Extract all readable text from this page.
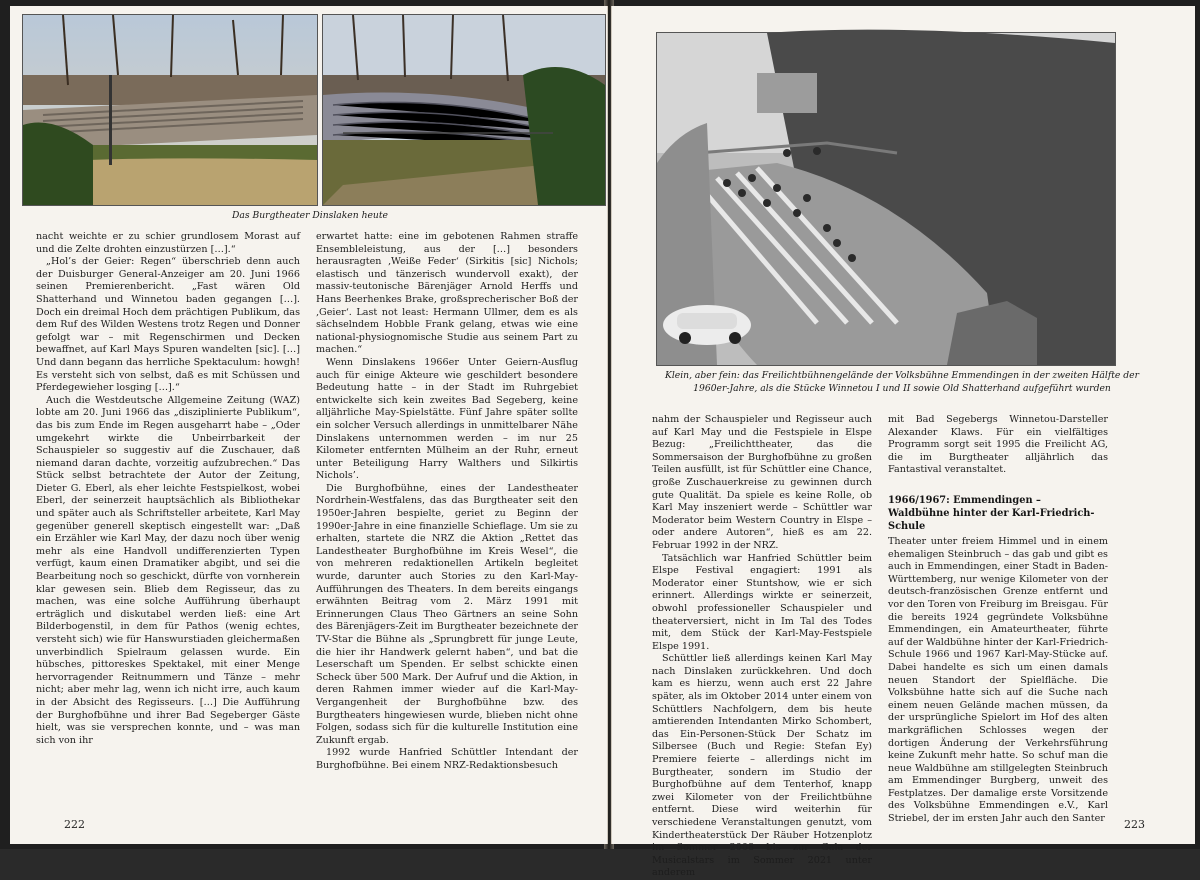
Das Burgtheater Dinslaken heute

nacht weichte er zu schier grundlosem Morast auf und die Zelte drohten einzustürzen […].“

„Hol’s der Geier: Regen“ überschrieb denn auch der Duisburger General-Anzeiger am 20. Juni 1966 seinen Premierenbericht. „Fast wären Old Shatterhand und Winnetou baden gegangen […]. Doch ein dreimal Hoch dem prächtigen Publikum, das dem Ruf des Wilden Westens trotz Regen und Donner gefolgt war – mit Regenschirmen und Decken bewaffnet, auf Karl Mays Spuren wandelten [sic]. […] Und dann begann das herrliche Spektaculum: howgh! Es versteht sich von selbst, daß es mit Schüssen und Pferdegewieher losging […].“

Auch die Westdeutsche Allgemeine Zeitung (WAZ) lobte am 20. Juni 1966 das „disziplinierte Publikum“, das bis zum Ende im Regen ausgeharrt habe – „Oder umgekehrt wirkte die Unbeirrbarkeit der Schauspieler so suggestiv auf die Zuschauer, daß niemand daran dachte, vorzeitig aufzubrechen.“ Das Stück selbst betrachtete der Autor der Zeitung, Dieter G. Eberl, als eher leichte Festspielkost, wobei Eberl, der seinerzeit hauptsächlich als Bibliothekar und später auch als Schriftsteller arbeitete, Karl May gegenüber generell skeptisch eingestellt war: „Daß ein Erzähler wie Karl May, der dazu noch über wenig mehr als eine Handvoll undifferenzierten Typen verfügt, kaum einen Dramatiker abgibt, und sei die Bearbeitung noch so geschickt, dürfte von vornherein klar gewesen sein. Blieb dem Regisseur, das zu machen, was eine solche Aufführung überhaupt erträglich und diskutabel werden ließ: eine Art Bilderbogenstil, in dem für Pathos (wenig echtes, versteht sich) wie für Hanswurstiaden gleichermaßen unverbindlich Spielraum gelassen wurde. Ein hübsches, pittoreskes Spektakel, mit einer Menge hervorragender Reitnummern und Tänze – mehr nicht; aber mehr lag, wenn ich nicht irre, auch kaum in der Absicht des Regisseurs. […] Die Aufführung der Burghofbühne und ihrer Bad Segeberger Gäste hielt, was sie versprechen konnte, und – was man sich von ihr

erwartet hatte: eine im gebotenen Rahmen straffe Ensembleleistung, aus der […] besonders herausragten ‚Weiße Feder‘ (Sirkitis [sic] Nichols; elastisch und tänzerisch wundervoll exakt), der massiv-teutonische Bärenjäger Arnold Herffs und Hans Beerhenkes Brake, großsprecherischer Boß der ‚Geier‘. Last not least: Hermann Ullmer, dem es als sächselndem Hobble Frank gelang, etwas wie eine national-physiognomische Studie aus seinem Part zu machen.“

Wenn Dinslakens 1966er Unter Geiern-Ausflug auch für einige Akteure wie geschildert besondere Bedeutung hatte – in der Stadt im Ruhrgebiet entwickelte sich kein zweites Bad Segeberg, keine alljährliche May-Spielstätte. Fünf Jahre später sollte ein solcher Versuch allerdings in unmittelbarer Nähe Dinslakens unternommen werden – im nur 25 Kilometer entfernten Mülheim an der Ruhr, erneut unter Beteiligung Harry Walthers und Silkirtis Nichols’.

Die Burghofbühne, eines der Landestheater Nordrhein-Westfalens, das das Burgtheater seit den 1950er-Jahren bespielte, geriet zu Beginn der 1990er-Jahre in eine finanzielle Schieflage. Um sie zu erhalten, startete die NRZ die Aktion „Rettet das Landestheater Burghofbühne im Kreis Wesel“, die von mehreren redaktionellen Artikeln begleitet wurde, darunter auch Stories zu den Karl-May-Aufführungen des Theaters. In dem bereits eingangs erwähnten Beitrag vom 2. März 1991 mit Erinnerungen Claus Theo Gärtners an seine Sohn des Bärenjägers-Zeit im Burgtheater bezeichnete der TV-Star die Bühne als „Sprungbrett für junge Leute, die hier ihr Handwerk gelernt haben“, und bat die Leserschaft um Spenden. Er selbst schickte einen Scheck über 500 Mark. Der Aufruf und die Aktion, in deren Rahmen immer wieder auf die Karl-May-Vergangenheit der Burghofbühne bzw. des Burgtheaters hingewiesen wurde, blieben nicht ohne Folgen, sodass sich für die kulturelle Institution eine Zukunft ergab.

1992 wurde Hanfried Schüttler Intendant der Burghofbühne. Bei einem NRZ-Redaktionsbesuch

222
Klein, aber fein: das Freilichtbühnengelände der Volksbühne Emmendingen in der zweiten Hälfte der
1960er-Jahre, als die Stücke Winnetou I und II sowie Old Shatterhand aufgeführt wurden

nahm der Schauspieler und Regisseur auch auf Karl May und die Festspiele in Elspe Bezug: „Freilichttheater, das die Sommersaison der Burghofbühne zu großen Teilen ausfüllt, ist für Schüttler eine Chance, große Zuschauerkreise zu gewinnen durch gute Qualität. Da spiele es keine Rolle, ob Karl May inszeniert werde – Schüttler war Moderator beim Western Country in Elspe – oder andere Autoren“, hieß es am 22. Februar 1992 in der NRZ.

Tatsächlich war Hanfried Schüttler beim Elspe Festival engagiert: 1991 als Moderator einer Stuntshow, wie er sich erinnert. Allerdings wirkte er seinerzeit, obwohl professioneller Schauspieler und theaterversiert, nicht in Im Tal des Todes mit, dem Stück der Karl-May-Festspiele Elspe 1991.

Schüttler ließ allerdings keinen Karl May nach Dinslaken zurückkehren. Und doch kam es hierzu, wenn auch erst 22 Jahre später, als im Oktober 2014 unter einem von Schüttlers Nachfolgern, dem bis heute amtierenden Intendanten Mirko Schombert, das Ein-Personen-Stück Der Schatz im Silbersee (Buch und Regie: Stefan Ey) Premiere feierte – allerdings nicht im Burgtheater, sondern im Studio der Burghofbühne auf dem Tenterhof, knapp zwei Kilometer von der Freilichtbühne entfernt. Diese wird weiterhin für verschiedene Veranstaltungen genutzt, vom Kindertheaterstück Der Räuber Hotzenplotz im Sommer 2008 bis zur Gala der Musicalstars im Sommer 2021 unter anderem

mit Bad Segebergs Winnetou-Darsteller Alexander Klaws. Für ein vielfältiges Programm sorgt seit 1995 die Freilicht AG, die im Burgtheater alljährlich das Fantastival veranstaltet.

1966/1967: Emmendingen –
Waldbühne hinter der Karl-Friedrich-Schule

Theater unter freiem Himmel und in einem ehemaligen Steinbruch – das gab und gibt es auch in Emmendingen, einer Stadt in Baden-Württemberg, nur wenige Kilometer von der deutsch-französischen Grenze entfernt und vor den Toren von Freiburg im Breisgau. Für die bereits 1924 gegründete Volksbühne Emmendingen, ein Amateurtheater, führte auf der Waldbühne hinter der Karl-Friedrich-Schule 1966 und 1967 Karl-May-Stücke auf. Dabei handelte es sich um einen damals neuen Standort der Spielfläche. Die Volksbühne hatte sich auf die Suche nach einem neuen Gelände machen müssen, da der ursprüngliche Spielort im Hof des alten markgräflichen Schlosses wegen der dortigen Änderung der Verkehrsführung keine Zukunft mehr hatte. So schuf man die neue Waldbühne am stillgelegten Steinbruch am Emmendinger Burgberg, unweit des Festplatzes. Der damalige erste Vorsitzende des Volksbühne Emmendingen e.V., Karl Striebel, der im ersten Jahr auch den Santer 223
